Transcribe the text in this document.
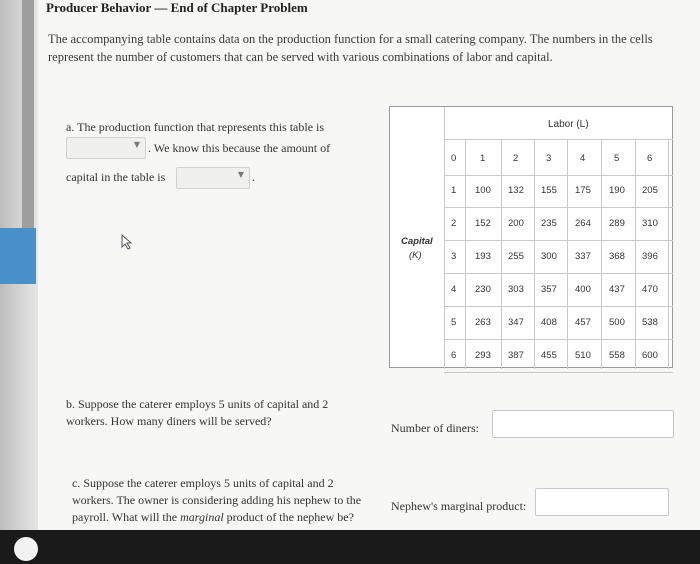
Producer Behavior — End of Chapter Problem
The accompanying table contains data on the production function for a small catering company. The numbers in the cells represent the number of customers that can be served with various combinations of labor and capital.
a. The production function that represents this table is
▼ . We know this because the amount of
capital in the table is	▼ .
Labor (L)
Capital
(K)
0 1	2	3	4	5	6
1 100 132 155 175 190 205
2 152 200 235 264 289 310
3 193 255 300 337 368 396
4 230 303 357 400 437 470
5 263 347 408 457 500 538
6 293 387 455 510 558 600
b. Suppose the caterer employs 5 units of capital and 2
workers. How many diners will be served?	Number of diners:
c. Suppose the caterer employs 5 units of capital and 2
workers. The owner is considering adding his nephew to the
payroll. What will the marginal product of the nephew be?
Nephew's marginal product:
